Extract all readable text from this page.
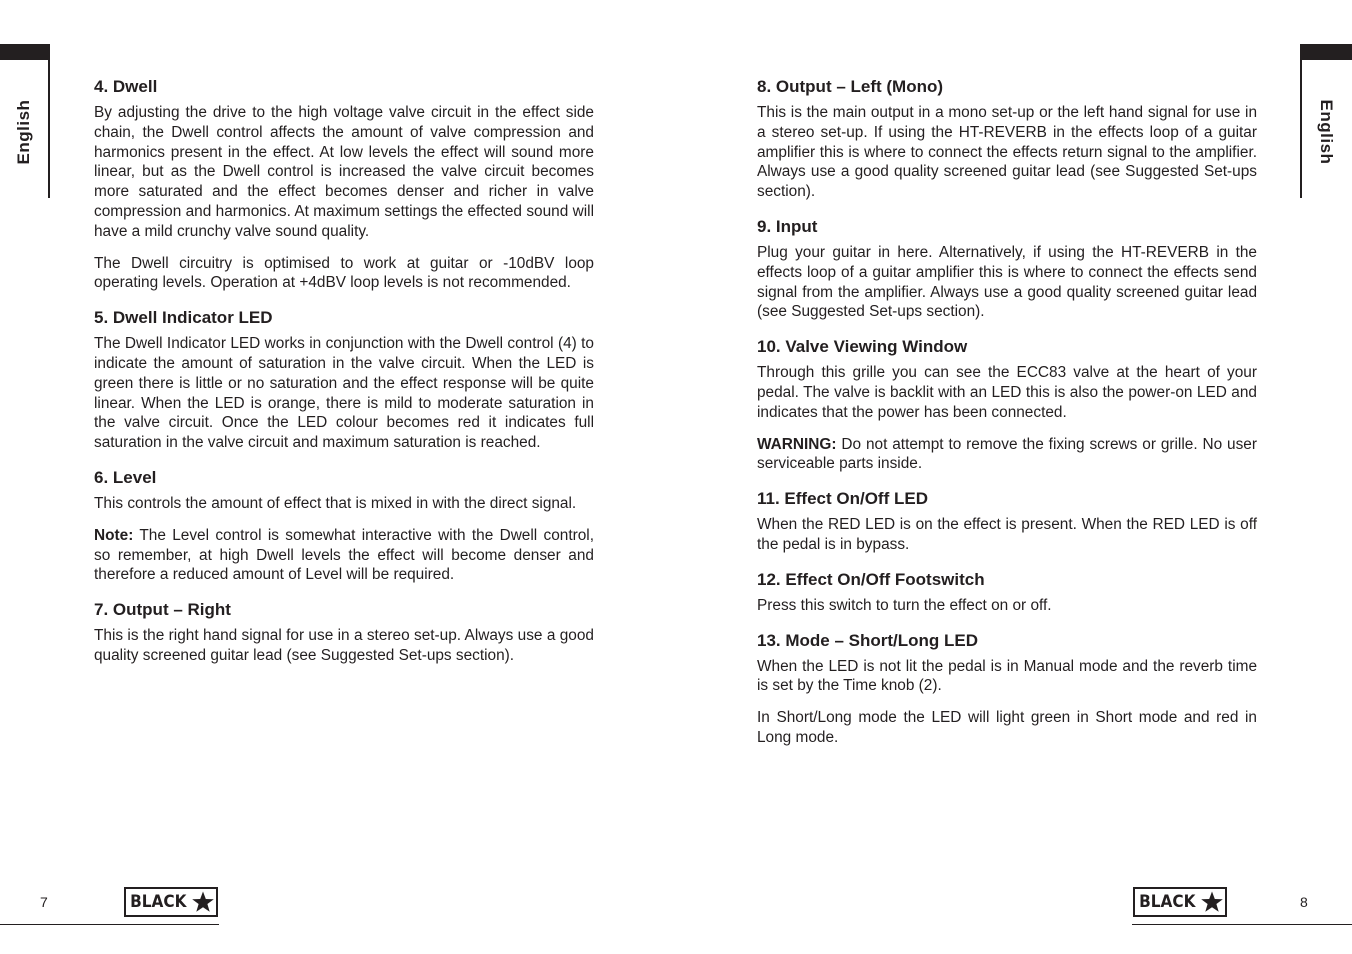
English
4. Dwell

By adjusting the drive to the high voltage valve circuit in the effect side chain, the Dwell control affects the amount of valve compression and harmonics present in the effect. At low levels the effect will sound more linear, but as the Dwell control is increased the valve circuit becomes more saturated and the effect becomes denser and richer in valve compression and harmonics. At maximum settings the effected sound will have a mild crunchy valve sound quality.

The Dwell circuitry is optimised to work at guitar or -10dBV loop operating levels. Operation at +4dBV loop levels is not recommended.

5. Dwell Indicator LED

The Dwell Indicator LED works in conjunction with the Dwell control (4) to indicate the amount of saturation in the valve circuit. When the LED is green there is little or no saturation and the effect response will be quite linear. When the LED is orange, there is mild to moderate saturation in the valve circuit. Once the LED colour becomes red it indicates full saturation in the valve circuit and maximum saturation is reached.

6. Level

This controls the amount of effect that is mixed in with the direct signal.

Note: The Level control is somewhat interactive with the Dwell control, so remember, at high Dwell levels the effect will become denser and therefore a reduced amount of Level will be required.

7. Output – Right

This is the right hand signal for use in a stereo set-up. Always use a good quality screened guitar lead (see Suggested Set-ups section).

7	BLACK
English
8. Output – Left (Mono)

This is the main output in a mono set-up or the left hand signal for use in a stereo set-up. If using the HT-REVERB in the effects loop of a guitar amplifier this is where to connect the effects return signal to the amplifier. Always use a good quality screened guitar lead (see Suggested Set-ups section).

9. Input

Plug your guitar in here. Alternatively, if using the HT-REVERB in the effects loop of a guitar amplifier this is where to connect the effects send signal from the amplifier. Always use a good quality screened guitar lead (see Suggested Set-ups section).

10. Valve Viewing Window

Through this grille you can see the ECC83 valve at the heart of your pedal. The valve is backlit with an LED this is also the power-on LED and indicates that the power has been connected.

WARNING: Do not attempt to remove the fixing screws or grille. No user serviceable parts inside.

11. Effect On/Off LED

When the RED LED is on the effect is present. When the RED LED is off the pedal is in bypass.

12. Effect On/Off Footswitch

Press this switch to turn the effect on or off.

13. Mode – Short/Long LED

When the LED is not lit the pedal is in Manual mode and the reverb time is set by the Time knob (2).

In Short/Long mode the LED will light green in Short mode and red in Long mode.

BLACK	8
